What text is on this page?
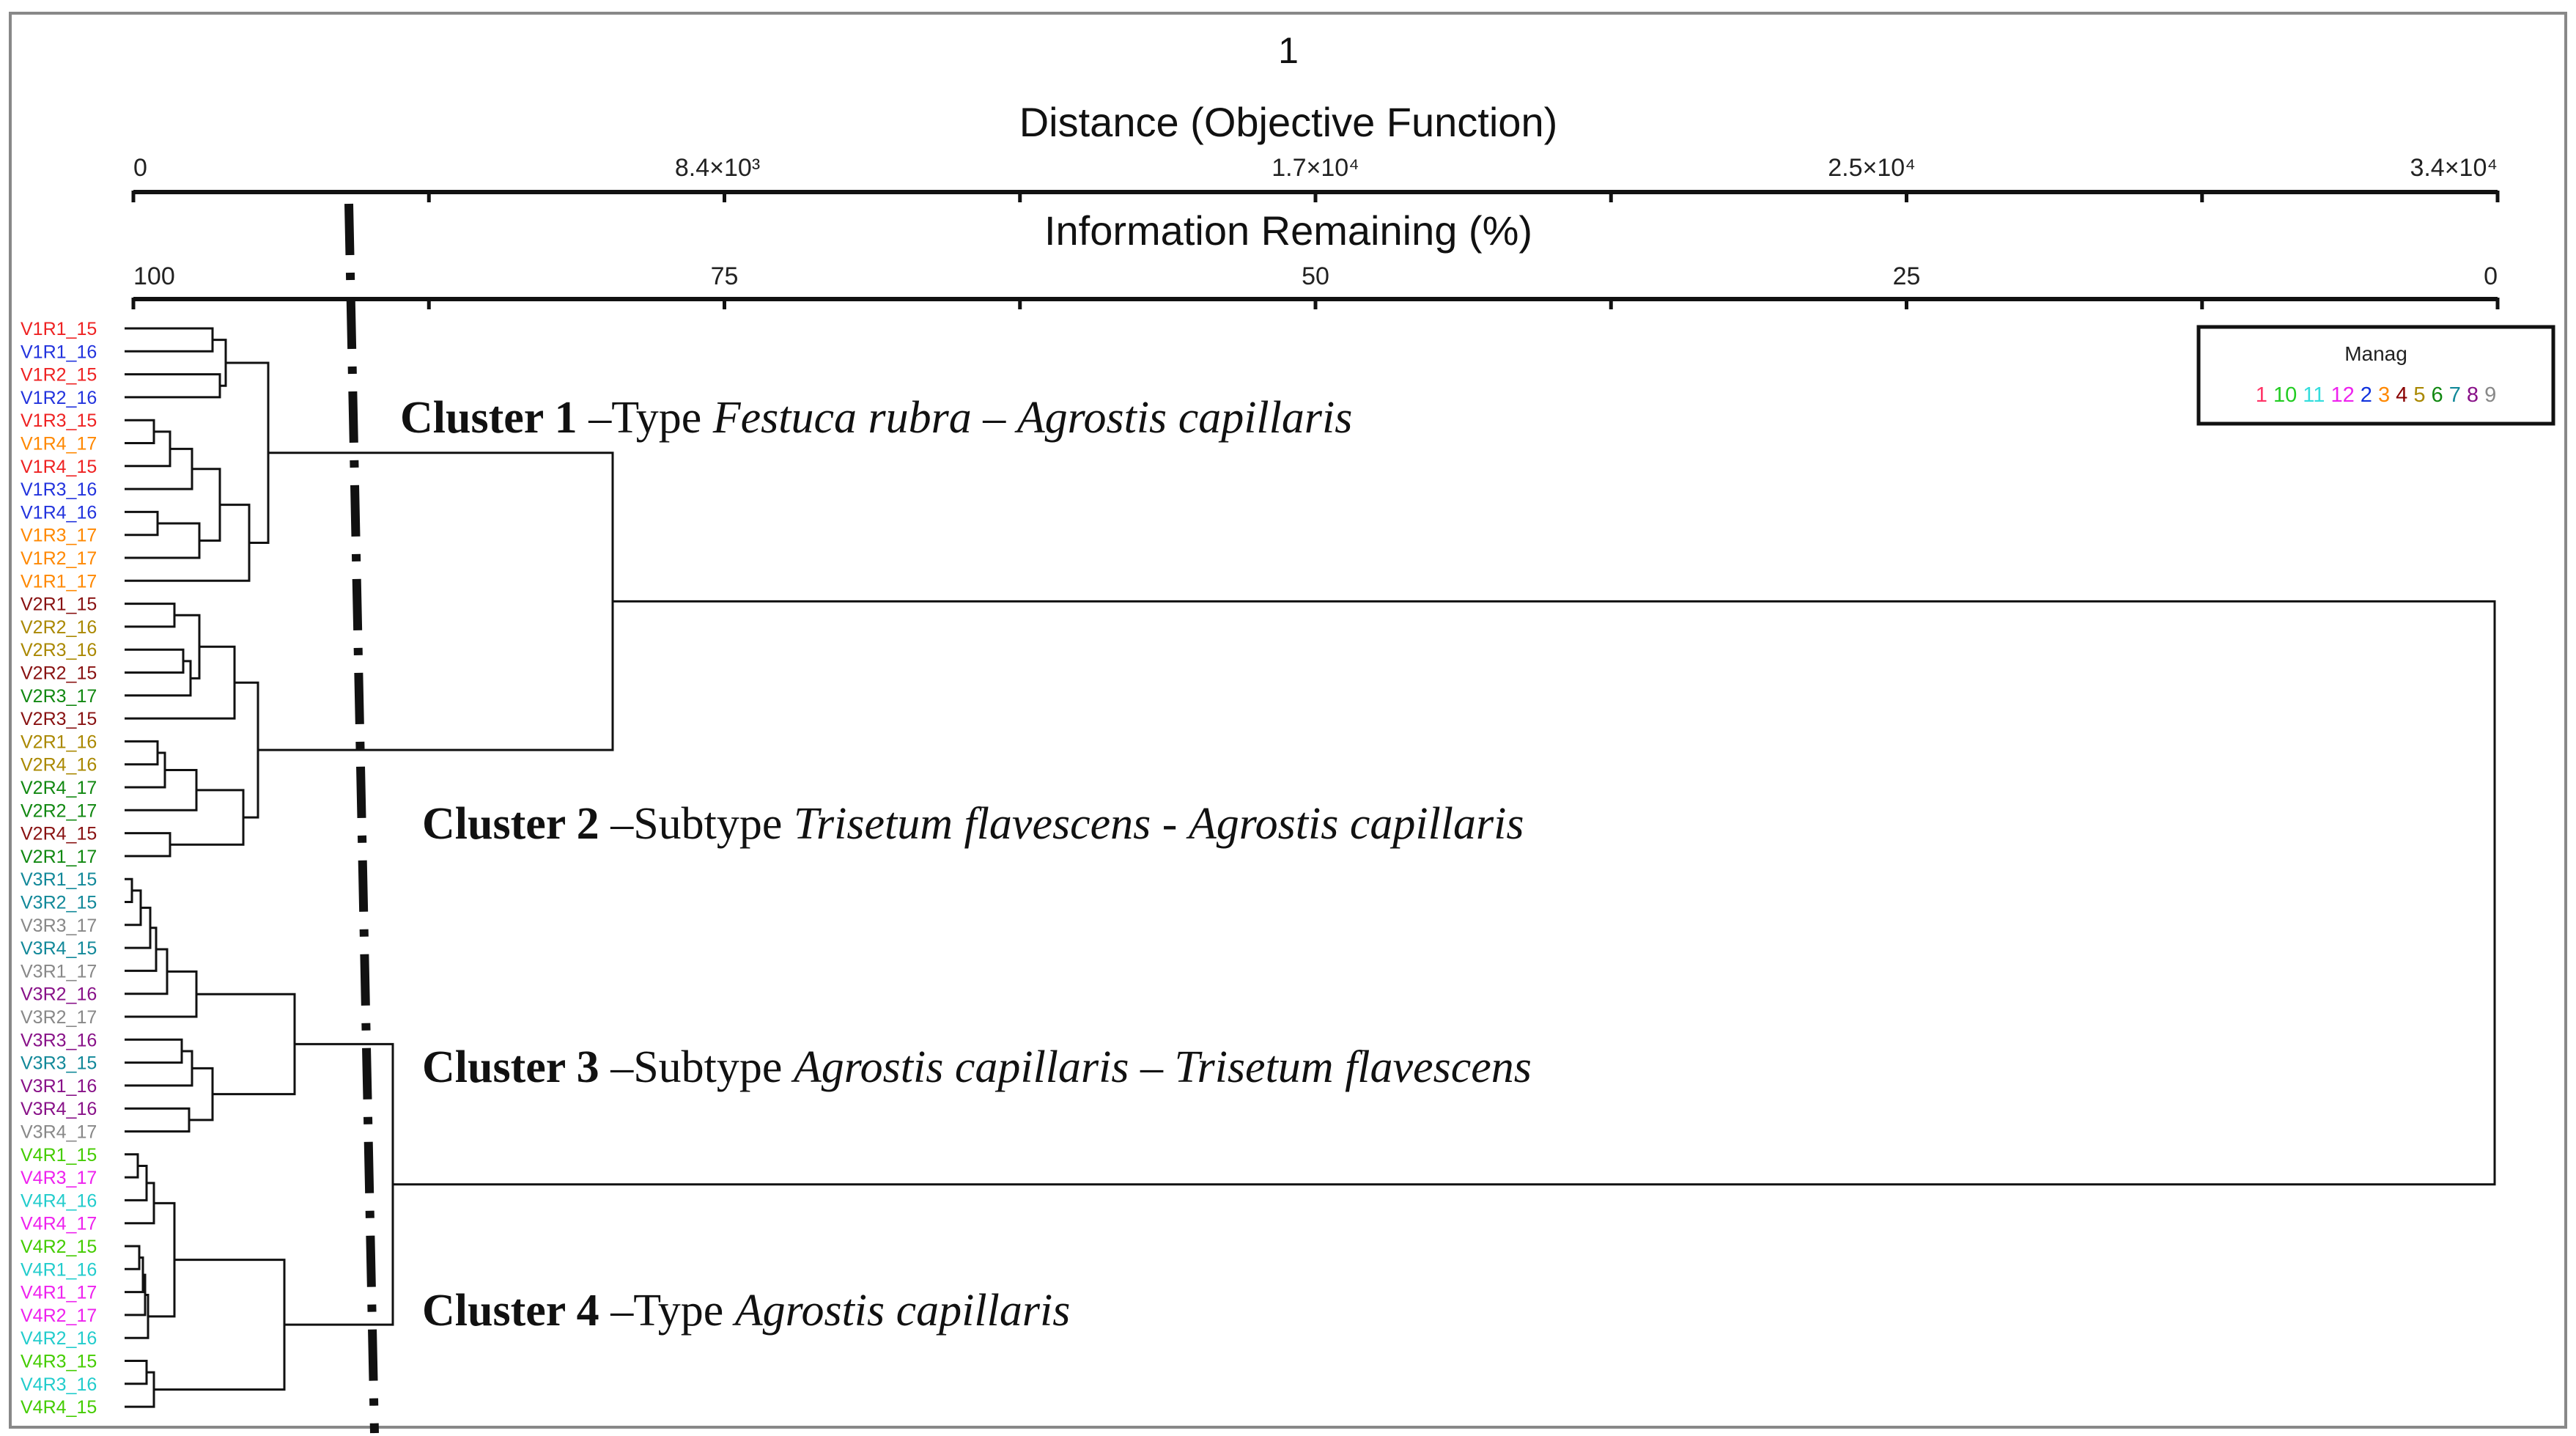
1
Distance (Objective Function)
0	8.4×10³	1.7×10⁴	2.5×10⁴	3.4×10⁴
Information Remaining (%)
100	75	50	25	0
Manag
1 10 11 12 2 3 4 5 6 7 8 9
V1R1_15
V1R1_16
V1R2_15
V1R2_16
V1R3_15
V1R4_17
V1R4_15
V1R3_16
V1R4_16
V1R3_17
V1R2_17
V1R1_17
V2R1_15
V2R2_16
V2R3_16
V2R2_15
V2R3_17
V2R3_15
V2R1_16
V2R4_16
V2R4_17
V2R2_17
V2R4_15
V2R1_17
V3R1_15
V3R2_15
V3R3_17
V3R4_15
V3R1_17
V3R2_16
V3R2_17
V3R3_16
V3R3_15
V3R1_16
V3R4_16
V3R4_17
V4R1_15
V4R3_17
V4R4_16
V4R4_17
V4R2_15
V4R1_16
V4R1_17
V4R2_17
V4R2_16
V4R3_15
V4R3_16
V4R4_15
Cluster 1 –Type Festuca rubra – Agrostis capillaris
Cluster 2 –Subtype Trisetum flavescens - Agrostis capillaris
Cluster 3 –Subtype Agrostis capillaris – Trisetum flavescens
Cluster 4 –Type Agrostis capillaris
